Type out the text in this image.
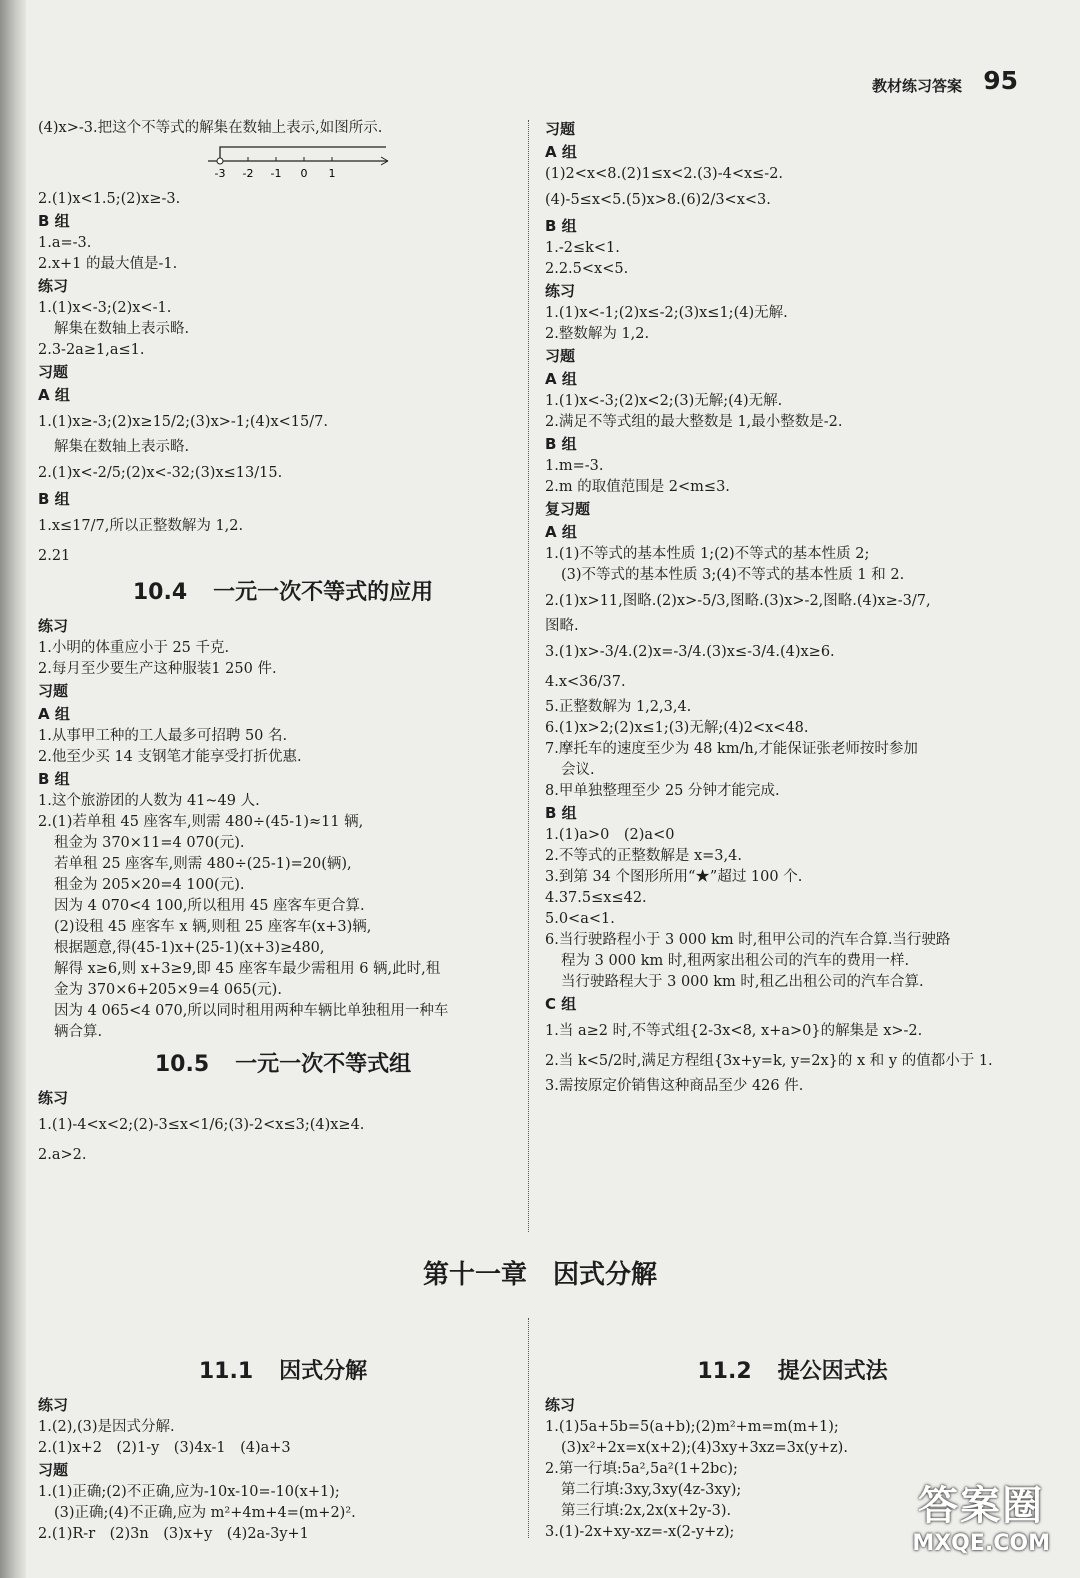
教材练习答案 95
(4)x>-3.把这个不等式的解集在数轴上表示,如图所示.
-3 -2 -1 0 1
2.(1)x<1.5;(2)x≥-3.
B 组
1.a=-3.
2.x+1 的最大值是-1.
练习
1.(1)x<-3;(2)x<-1.
解集在数轴上表示略.
2.3-2a≥1,a≤1.
习题
A 组
1.(1)x≥-3;(2)x≥15/2;(3)x>-1;(4)x<15/7.
解集在数轴上表示略.
2.(1)x<-2/5;(2)x<-32;(3)x≤13/15.
B 组
1.x≤17/7,所以正整数解为 1,2.
2.21
10.4 一元一次不等式的应用
练习
1.小明的体重应小于 25 千克.
2.每月至少要生产这种服装1 250 件.
习题
A 组
1.从事甲工种的工人最多可招聘 50 名.
2.他至少买 14 支钢笔才能享受打折优惠.
B 组
1.这个旅游团的人数为 41~49 人.
2.(1)若单租 45 座客车,则需 480÷(45-1)≈11 辆,
租金为 370×11=4 070(元).
若单租 25 座客车,则需 480÷(25-1)=20(辆),
租金为 205×20=4 100(元).
因为 4 070<4 100,所以租用 45 座客车更合算.
(2)设租 45 座客车 x 辆,则租 25 座客车(x+3)辆,
根据题意,得(45-1)x+(25-1)(x+3)≥480,
解得 x≥6,则 x+3≥9,即 45 座客车最少需租用 6 辆,此时,租
金为 370×6+205×9=4 065(元).
因为 4 065<4 070,所以同时租用两种车辆比单独租用一种车
辆合算.
10.5 一元一次不等式组
练习
1.(1)-4<x<2;(2)-3≤x<1/6;(3)-2<x≤3;(4)x≥4.
2.a>2.
习题
A 组
(1)2<x<8.(2)1≤x<2.(3)-4<x≤-2.
(4)-5≤x<5.(5)x>8.(6)2/3<x<3.
B 组
1.-2≤k<1.
2.2.5<x<5.
练习
1.(1)x<-1;(2)x≤-2;(3)x≤1;(4)无解.
2.整数解为 1,2.
习题
A 组
1.(1)x<-3;(2)x<2;(3)无解;(4)无解.
2.满足不等式组的最大整数是 1,最小整数是-2.
B 组
1.m=-3.
2.m 的取值范围是 2<m≤3.
复习题
A 组
1.(1)不等式的基本性质 1;(2)不等式的基本性质 2;
(3)不等式的基本性质 3;(4)不等式的基本性质 1 和 2.
2.(1)x>11,图略.(2)x>-5/3,图略.(3)x>-2,图略.(4)x≥-3/7,
图略.
3.(1)x>-3/4.(2)x=-3/4.(3)x≤-3/4.(4)x≥6.
4.x<36/37.
5.正整数解为 1,2,3,4.
6.(1)x>2;(2)x≤1;(3)无解;(4)2<x<48.
7.摩托车的速度至少为 48 km/h,才能保证张老师按时参加
会议.
8.甲单独整理至少 25 分钟才能完成.
B 组
1.(1)a>0　(2)a<0
2.不等式的正整数解是 x=3,4.
3.到第 34 个图形所用“★”超过 100 个.
4.37.5≤x≤42.
5.0<a<1.
6.当行驶路程小于 3 000 km 时,租甲公司的汽车合算.当行驶路
程为 3 000 km 时,租两家出租公司的汽车的费用一样.
当行驶路程大于 3 000 km 时,租乙出租公司的汽车合算.
C 组
1.当 a≥2 时,不等式组{2-3x<8, x+a>0}的解集是 x>-2.
2.当 k<5/2时,满足方程组{3x+y=k, y=2x}的 x 和 y 的值都小于 1.
3.需按原定价销售这种商品至少 426 件.
第十一章　因式分解
11.1 因式分解
练习
1.(2),(3)是因式分解.
2.(1)x+2　(2)1-y　(3)4x-1　(4)a+3
习题
1.(1)正确;(2)不正确,应为-10x-10=-10(x+1);
(3)正确;(4)不正确,应为 m²+4m+4=(m+2)².
2.(1)R-r　(2)3n　(3)x+y　(4)2a-3y+1
11.2 提公因式法
练习
1.(1)5a+5b=5(a+b);(2)m²+m=m(m+1);
(3)x²+2x=x(x+2);(4)3xy+3xz=3x(y+z).
2.第一行填:5a²,5a²(1+2bc);
第二行填:3xy,3xy(4z-3xy);
第三行填:2x,2x(x+2y-3).
3.(1)-2x+xy-xz=-x(2-y+z);
答案圈
MXQE.COM
